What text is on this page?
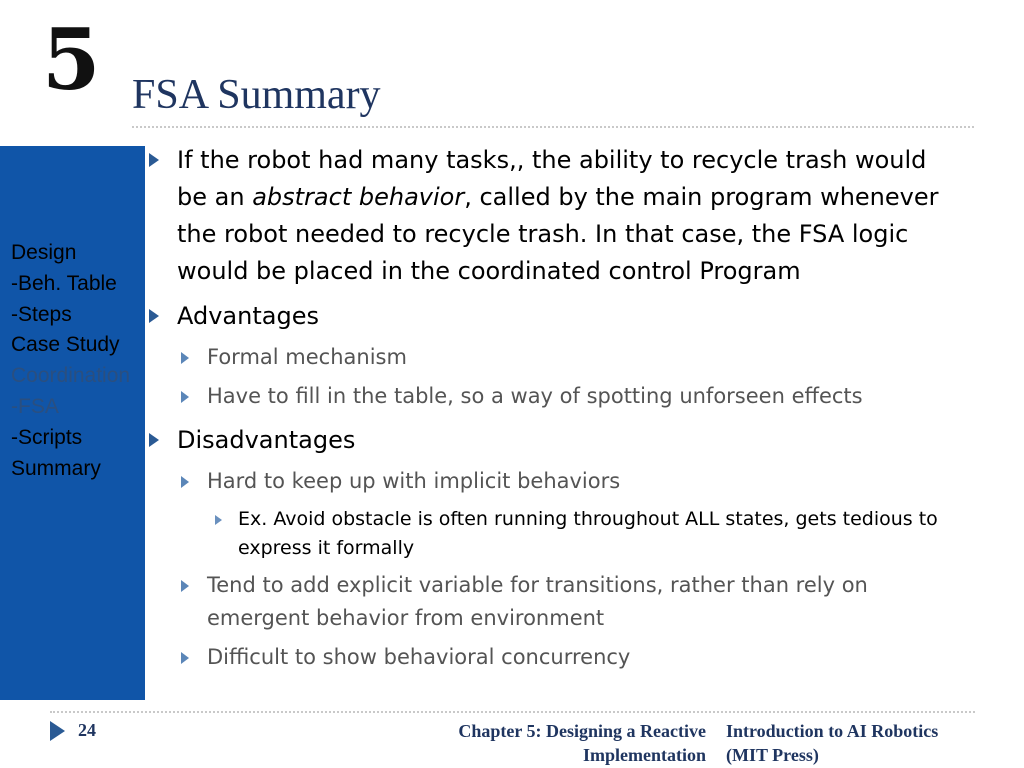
5 FSA Summary
Design
-Beh. Table
-Steps
Case Study
Coordination
-FSA
-Scripts
Summary
If the robot had many tasks,, the ability to recycle trash would
be an abstract behavior, called by the main program whenever
the robot needed to recycle trash. In that case, the FSA logic
would be placed in the coordinated control Program
Advantages
Formal mechanism
Have to fill in the table, so a way of spotting unforseen effects
Disadvantages
Hard to keep up with implicit behaviors
Ex. Avoid obstacle is often running throughout ALL states, gets tedious to
express it formally
Tend to add explicit variable for transitions, rather than rely on
emergent behavior from environment
Difficult to show behavioral concurrency
24	Chapter 5: Designing a Reactive
Implementation
Introduction to AI Robotics
(MIT Press)
